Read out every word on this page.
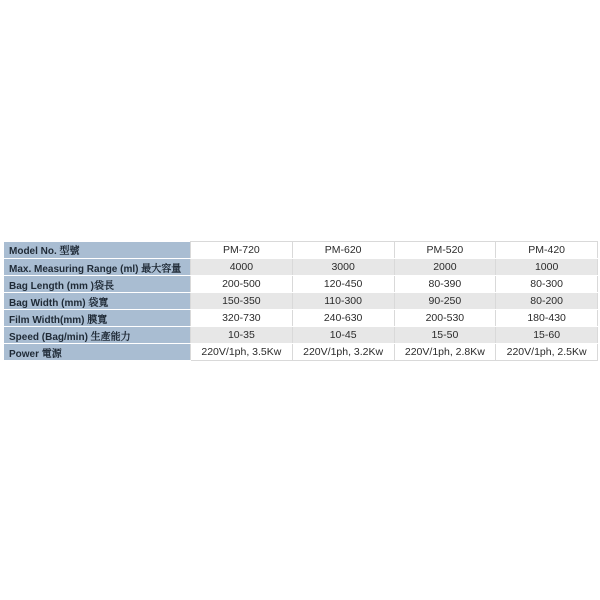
Model No. 型號	PM-720	PM-620	PM-520	PM-420
Max. Measuring Range (ml) 最大容量	4000	3000	2000	1000
Bag Length (mm )袋長	200-500	120-450	80-390	80-300
Bag Width (mm) 袋寬	150-350	110-300	90-250	80-200
Film Width(mm) 膜寬	320-730	240-630	200-530	180-430
Speed (Bag/min) 生產能力	10-35	10-45	15-50	15-60
Power 電源	220V/1ph, 3.5Kw	220V/1ph, 3.2Kw	220V/1ph, 2.8Kw	220V/1ph, 2.5Kw
